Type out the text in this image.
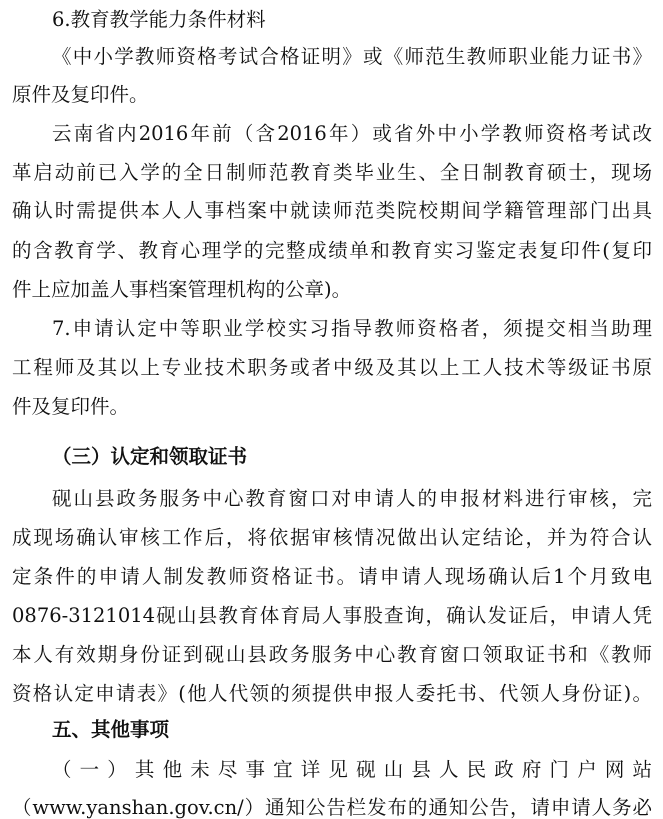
6.教育教学能力条件材料
《中小学教师资格考试合格证明》或《师范生教师职业能力证书》
原件及复印件。
云南省内2016年前（含2016年）或省外中小学教师资格考试改
革启动前已入学的全日制师范教育类毕业生、全日制教育硕士，现场
确认时需提供本人人事档案中就读师范类院校期间学籍管理部门出具
的含教育学、教育心理学的完整成绩单和教育实习鉴定表复印件(复印
件上应加盖人事档案管理机构的公章)。
7.申请认定中等职业学校实习指导教师资格者，须提交相当助理
工程师及其以上专业技术职务或者中级及其以上工人技术等级证书原
件及复印件。
（三）认定和领取证书
砚山县政务服务中心教育窗口对申请人的申报材料进行审核，完
成现场确认审核工作后，将依据审核情况做出认定结论，并为符合认
定条件的申请人制发教师资格证书。请申请人现场确认后1个月致电
0876-3121014砚山县教育体育局人事股查询，确认发证后，申请人凭
本人有效期身份证到砚山县政务服务中心教育窗口领取证书和《教师
资格认定申请表》(他人代领的须提供申报人委托书、代领人身份证)。
五、其他事项
（一）其他未尽事宜详见砚山县人民政府门户网站
（www.yanshan.gov.cn/）通知公告栏发布的通知公告，请申请人务必
